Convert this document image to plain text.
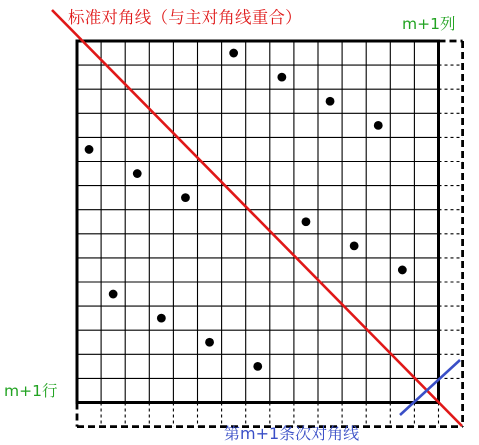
标准对角线（与主对角线重合）	m+1列
m+1行
第m+1条次对角线
